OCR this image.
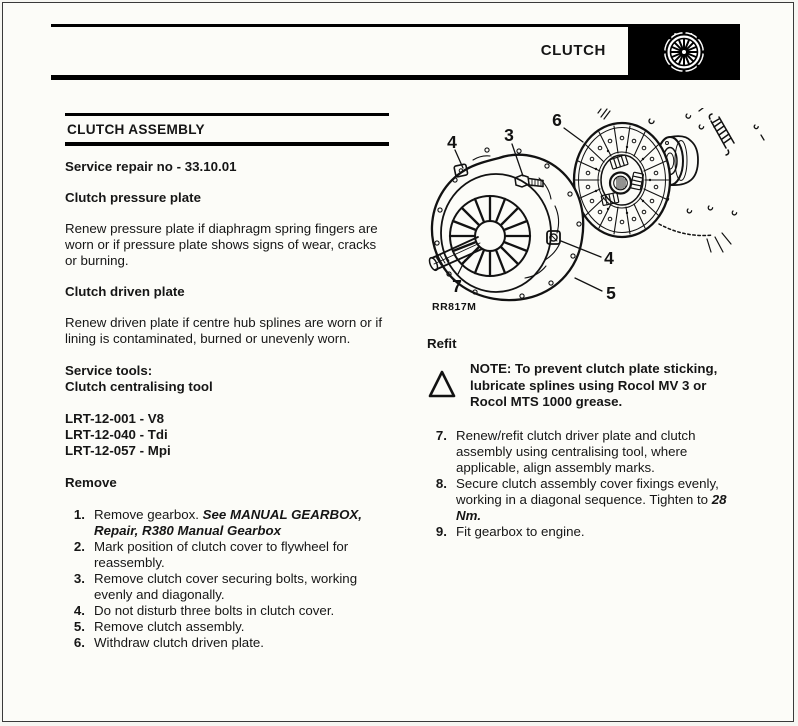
CLUTCH
CLUTCH ASSEMBLY

Service repair no - 33.10.01

Clutch pressure plate

Renew pressure plate if diaphragm spring fingers are worn or if pressure plate shows signs of wear, cracks or burning.

Clutch driven plate

Renew driven plate if centre hub splines are worn or if lining is contaminated, burned or unevenly worn.

Service tools:
Clutch centralising tool
LRT-12-001 - V8
LRT-12-040 - Tdi
LRT-12-057 - Mpi

Remove

1. Remove gearbox. See MANUAL GEARBOX, Repair, R380 Manual Gearbox
2. Mark position of clutch cover to flywheel for reassembly.
3. Remove clutch cover securing bolts, working evenly and diagonally.
4. Do not disturb three bolts in clutch cover.
5. Remove clutch assembly.
6. Withdraw clutch driven plate.
4	3
6
4
5
7
RR817M

Refit

NOTE: To prevent clutch plate sticking, lubricate splines using Rocol MV 3 or Rocol MTS 1000 grease.

7. Renew/refit clutch driver plate and clutch assembly using centralising tool, where applicable, align assembly marks.
8. Secure clutch assembly cover fixings evenly, working in a diagonal sequence. Tighten to 28 Nm.
9. Fit gearbox to engine.
